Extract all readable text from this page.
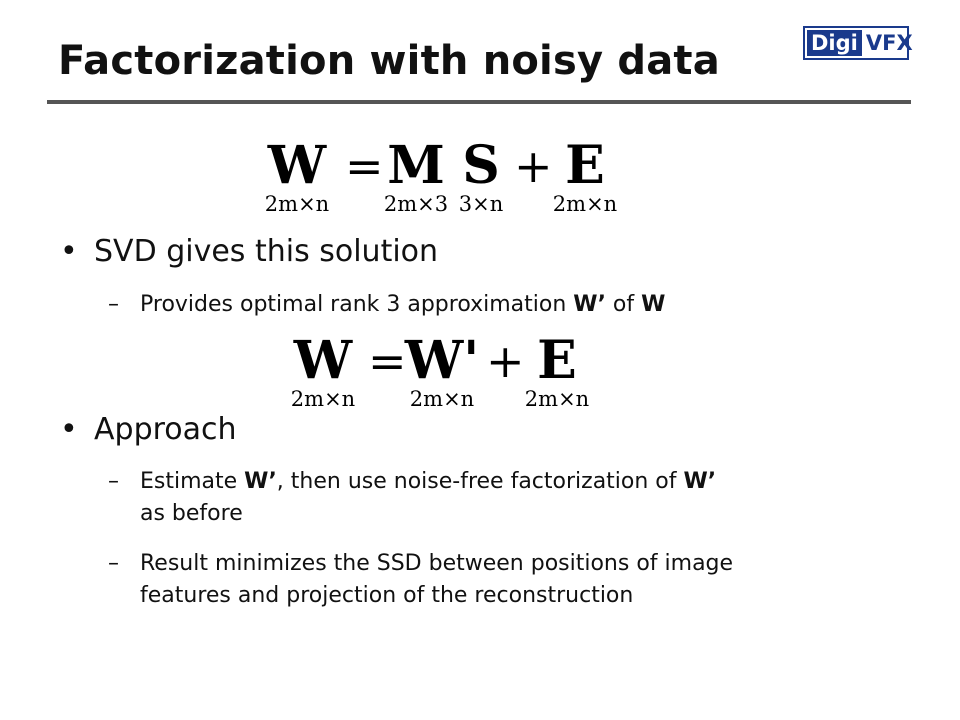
Factorization with noisy data	Digi VFX
W
2m×n
= M
2m×3
S
3×n
+ E
2m×n
• SVD gives this solution
– Provides optimal rank 3 approximation W’ of W
W
2m×n
=
W'
2m×n
+ E
2m×n
• Approach
– Estimate W’, then use noise-free factorization of W’
as before
– Result minimizes the SSD between positions of image
features and projection of the reconstruction
